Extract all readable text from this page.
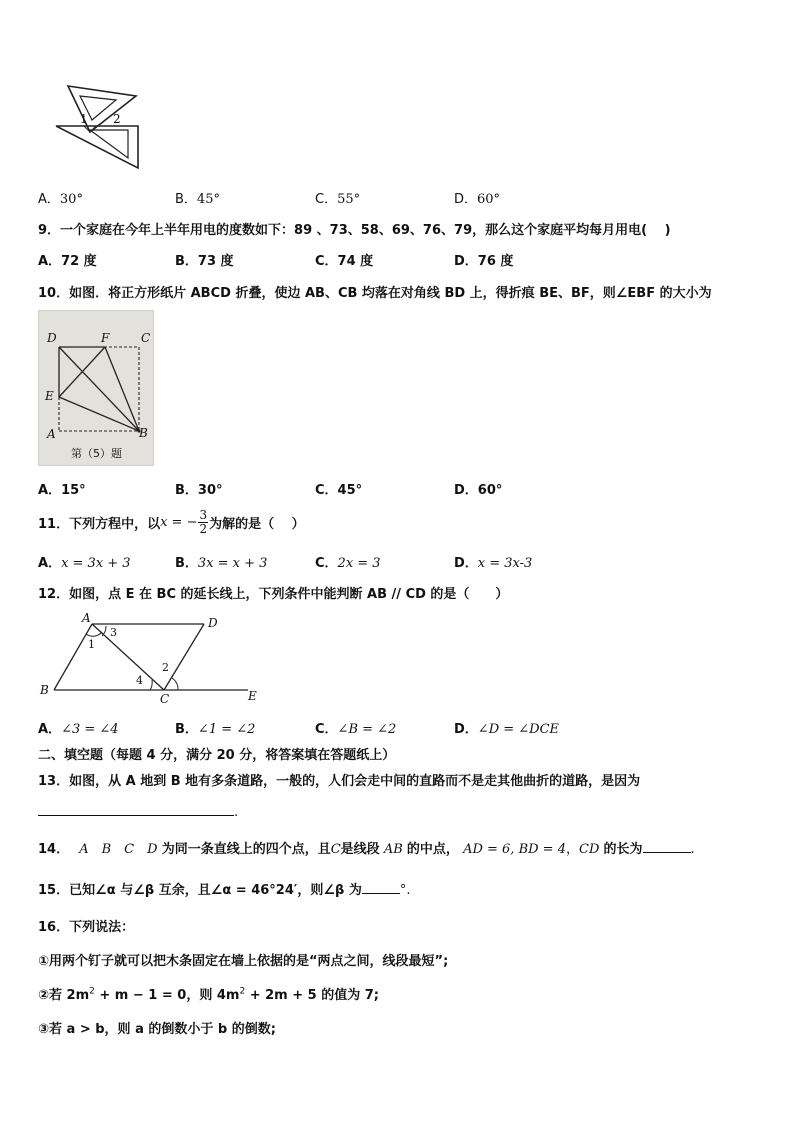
1 2
A．30°	B．45°	C．55°	D．60°
9．一个家庭在今年上半年用电的度数如下：89 、73、58、69、76、79，那么这个家庭平均每月用电(　 )
A．72 度	B．73 度	C．74 度	D．76 度
10．如图．将正方形纸片 ABCD 折叠，使边 AB、CB 均落在对角线 BD 上，得折痕 BE、BF，则∠EBF 的大小为
D	F	C
E
A	B
第（5）题
A．15°	B．30°	C．45°	D．60°
11．下列方程中，以 x = − $\frac{3}{2}$ 为解的是（　 ）
A．x = 3x + 3	B．3x = x + 3	C．2x = 3	D．x = 3x-3
12．如图，点 E 在 BC 的延长线上，下列条件中能判断 AB // CD 的是（　　）
A	D
B
C	E
1
2
3
4
A．∠3 = ∠4	B．∠1 = ∠2	C．∠B = ∠2	D．∠D = ∠DCE
二、填空题（每题 4 分，满分 20 分，将答案填在答题纸上）
13．如图，从 A 地到 B 地有多条道路，一般的，人们会走中间的直路而不是走其他曲折的道路，是因为
.
14． A　B　C　D 为同一条直线上的四个点，且C是线段 AB 的中点， AD = 6, BD = 4，CD 的长为	.
15．已知∠α 与∠β 互余，且∠α = 46°24′，则∠β 为	°.
16．下列说法：
①用两个钉子就可以把木条固定在墙上依据的是“两点之间，线段最短”;
②若 $2m^2 + m - 1 = 0$，则 $4m^2 + 2m + 5$ 的值为 7;
③若 a > b，则 a 的倒数小于 b 的倒数;
